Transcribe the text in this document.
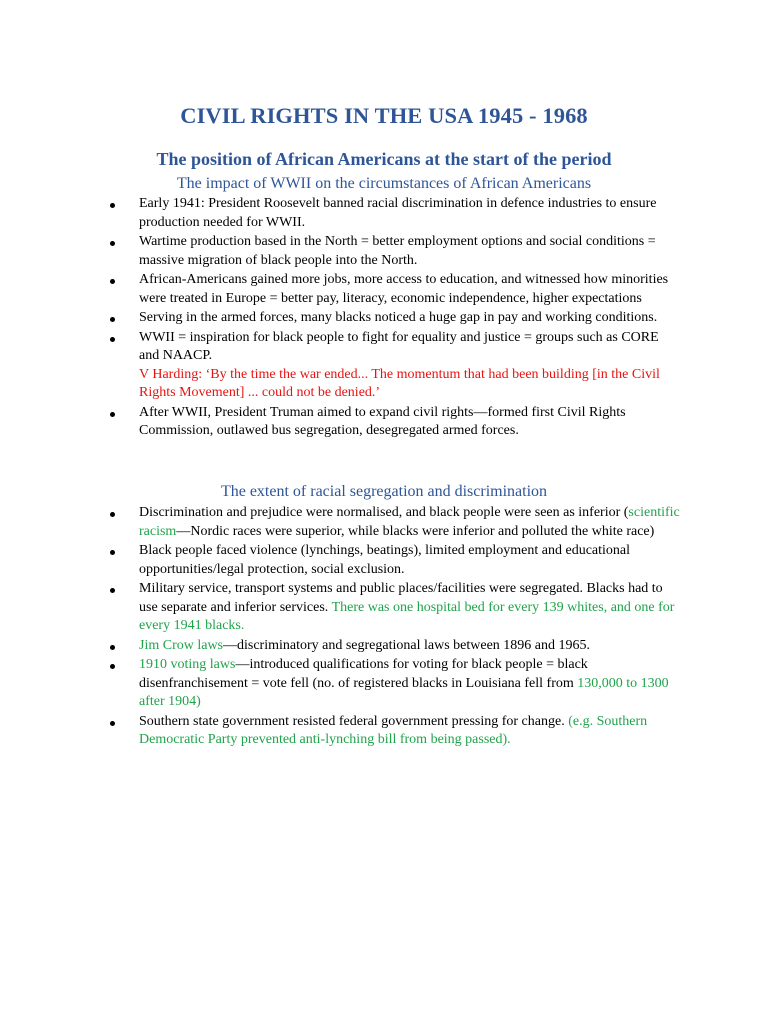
CIVIL RIGHTS IN THE USA 1945 - 1968
The position of African Americans at the start of the period
The impact of WWII on the circumstances of African Americans
Early 1941: President Roosevelt banned racial discrimination in defence industries to ensure production needed for WWII.
Wartime production based in the North = better employment options and social conditions = massive migration of black people into the North.
African-Americans gained more jobs, more access to education, and witnessed how minorities were treated in Europe = better pay, literacy, economic independence, higher expectations
Serving in the armed forces, many blacks noticed a huge gap in pay and working conditions.
WWII = inspiration for black people to fight for equality and justice = groups such as CORE and NAACP.
V Harding: ‘By the time the war ended... The momentum that had been building [in the Civil Rights Movement] ... could not be denied.’
After WWII, President Truman aimed to expand civil rights—formed first Civil Rights Commission, outlawed bus segregation, desegregated armed forces.
The extent of racial segregation and discrimination
Discrimination and prejudice were normalised, and black people were seen as inferior (scientific racism—Nordic races were superior, while blacks were inferior and polluted the white race)
Black people faced violence (lynchings, beatings), limited employment and educational opportunities/legal protection, social exclusion.
Military service, transport systems and public places/facilities were segregated. Blacks had to use separate and inferior services. There was one hospital bed for every 139 whites, and one for every 1941 blacks.
Jim Crow laws—discriminatory and segregational laws between 1896 and 1965.
1910 voting laws—introduced qualifications for voting for black people = black disenfranchisement = vote fell (no. of registered blacks in Louisiana fell from 130,000 to 1300 after 1904)
Southern state government resisted federal government pressing for change. (e.g. Southern Democratic Party prevented anti-lynching bill from being passed).
